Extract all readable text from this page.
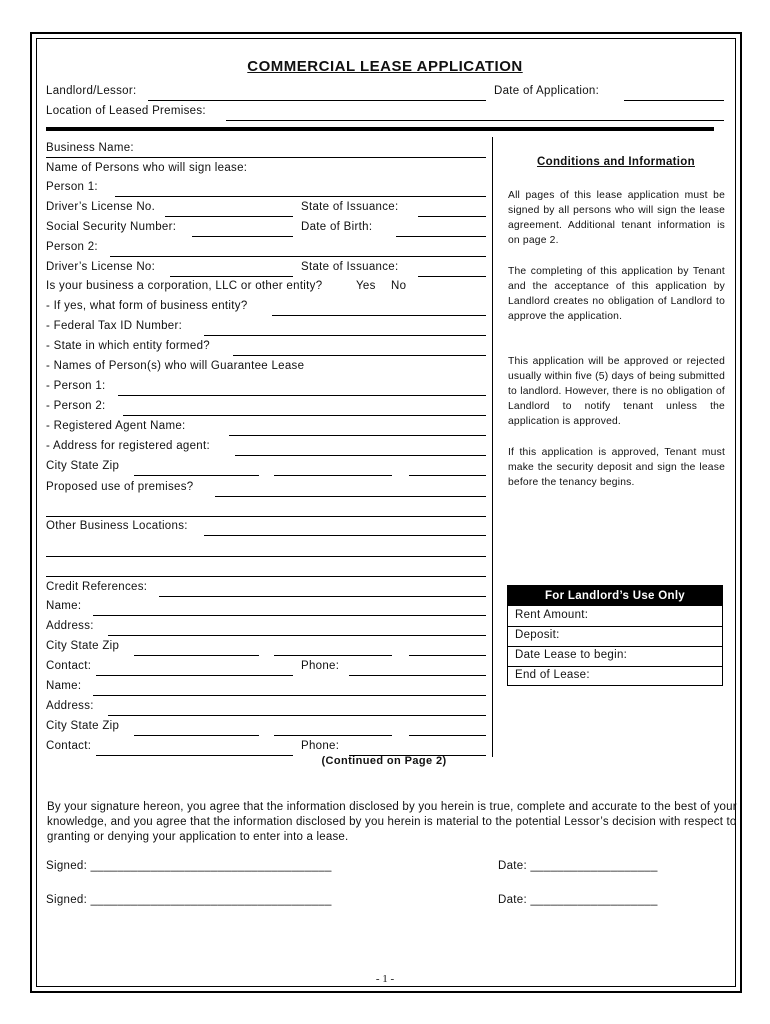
COMMERCIAL LEASE APPLICATION
Landlord/Lessor:	Date of Application:
Location of Leased Premises:
Business Name:
Name of Persons who will sign lease:
Person 1:
Driver’s License No.	State of Issuance:
Social Security Number:	Date of Birth:
Person 2:
Driver’s License No:	State of Issuance:
Is your business a corporation, LLC or other entity?	Yes No
- If yes, what form of business entity?
- Federal Tax ID Number:
- State in which entity formed?
- Names of Person(s) who will Guarantee Lease
- Person 1:
- Person 2:
- Registered Agent Name:
- Address for registered agent:
City State Zip
Proposed use of premises?
Other Business Locations:
Credit References:
Name:
Address:
City State Zip
Contact:	Phone:
Name:
Address:
City State Zip
Contact:	Phone:
Conditions and Information
All pages of this lease application must be signed by all persons who will sign the lease agreement. Additional tenant information is on page 2.
The completing of this application by Tenant and the acceptance of this application by Landlord creates no obligation of Landlord to approve the application.
This application will be approved or rejected usually within five (5) days of being submitted to landlord. However, there is no obligation of Landlord to notify tenant unless the application is approved.
If this application is approved, Tenant must make the security deposit and sign the lease before the tenancy begins.
For Landlord’s Use Only
Rent Amount:
Deposit:
Date Lease to begin:
End of Lease:
(Continued on Page 2)
By your signature hereon, you agree that the information disclosed by you herein is true, complete and accurate to the best of your knowledge, and you agree that the information disclosed by you herein is material to the potential Lessor’s decision with respect to granting or denying your application to enter into a lease.
Signed: ____________________________________	Date: ___________________
Signed: ____________________________________	Date: ___________________
- 1 -
